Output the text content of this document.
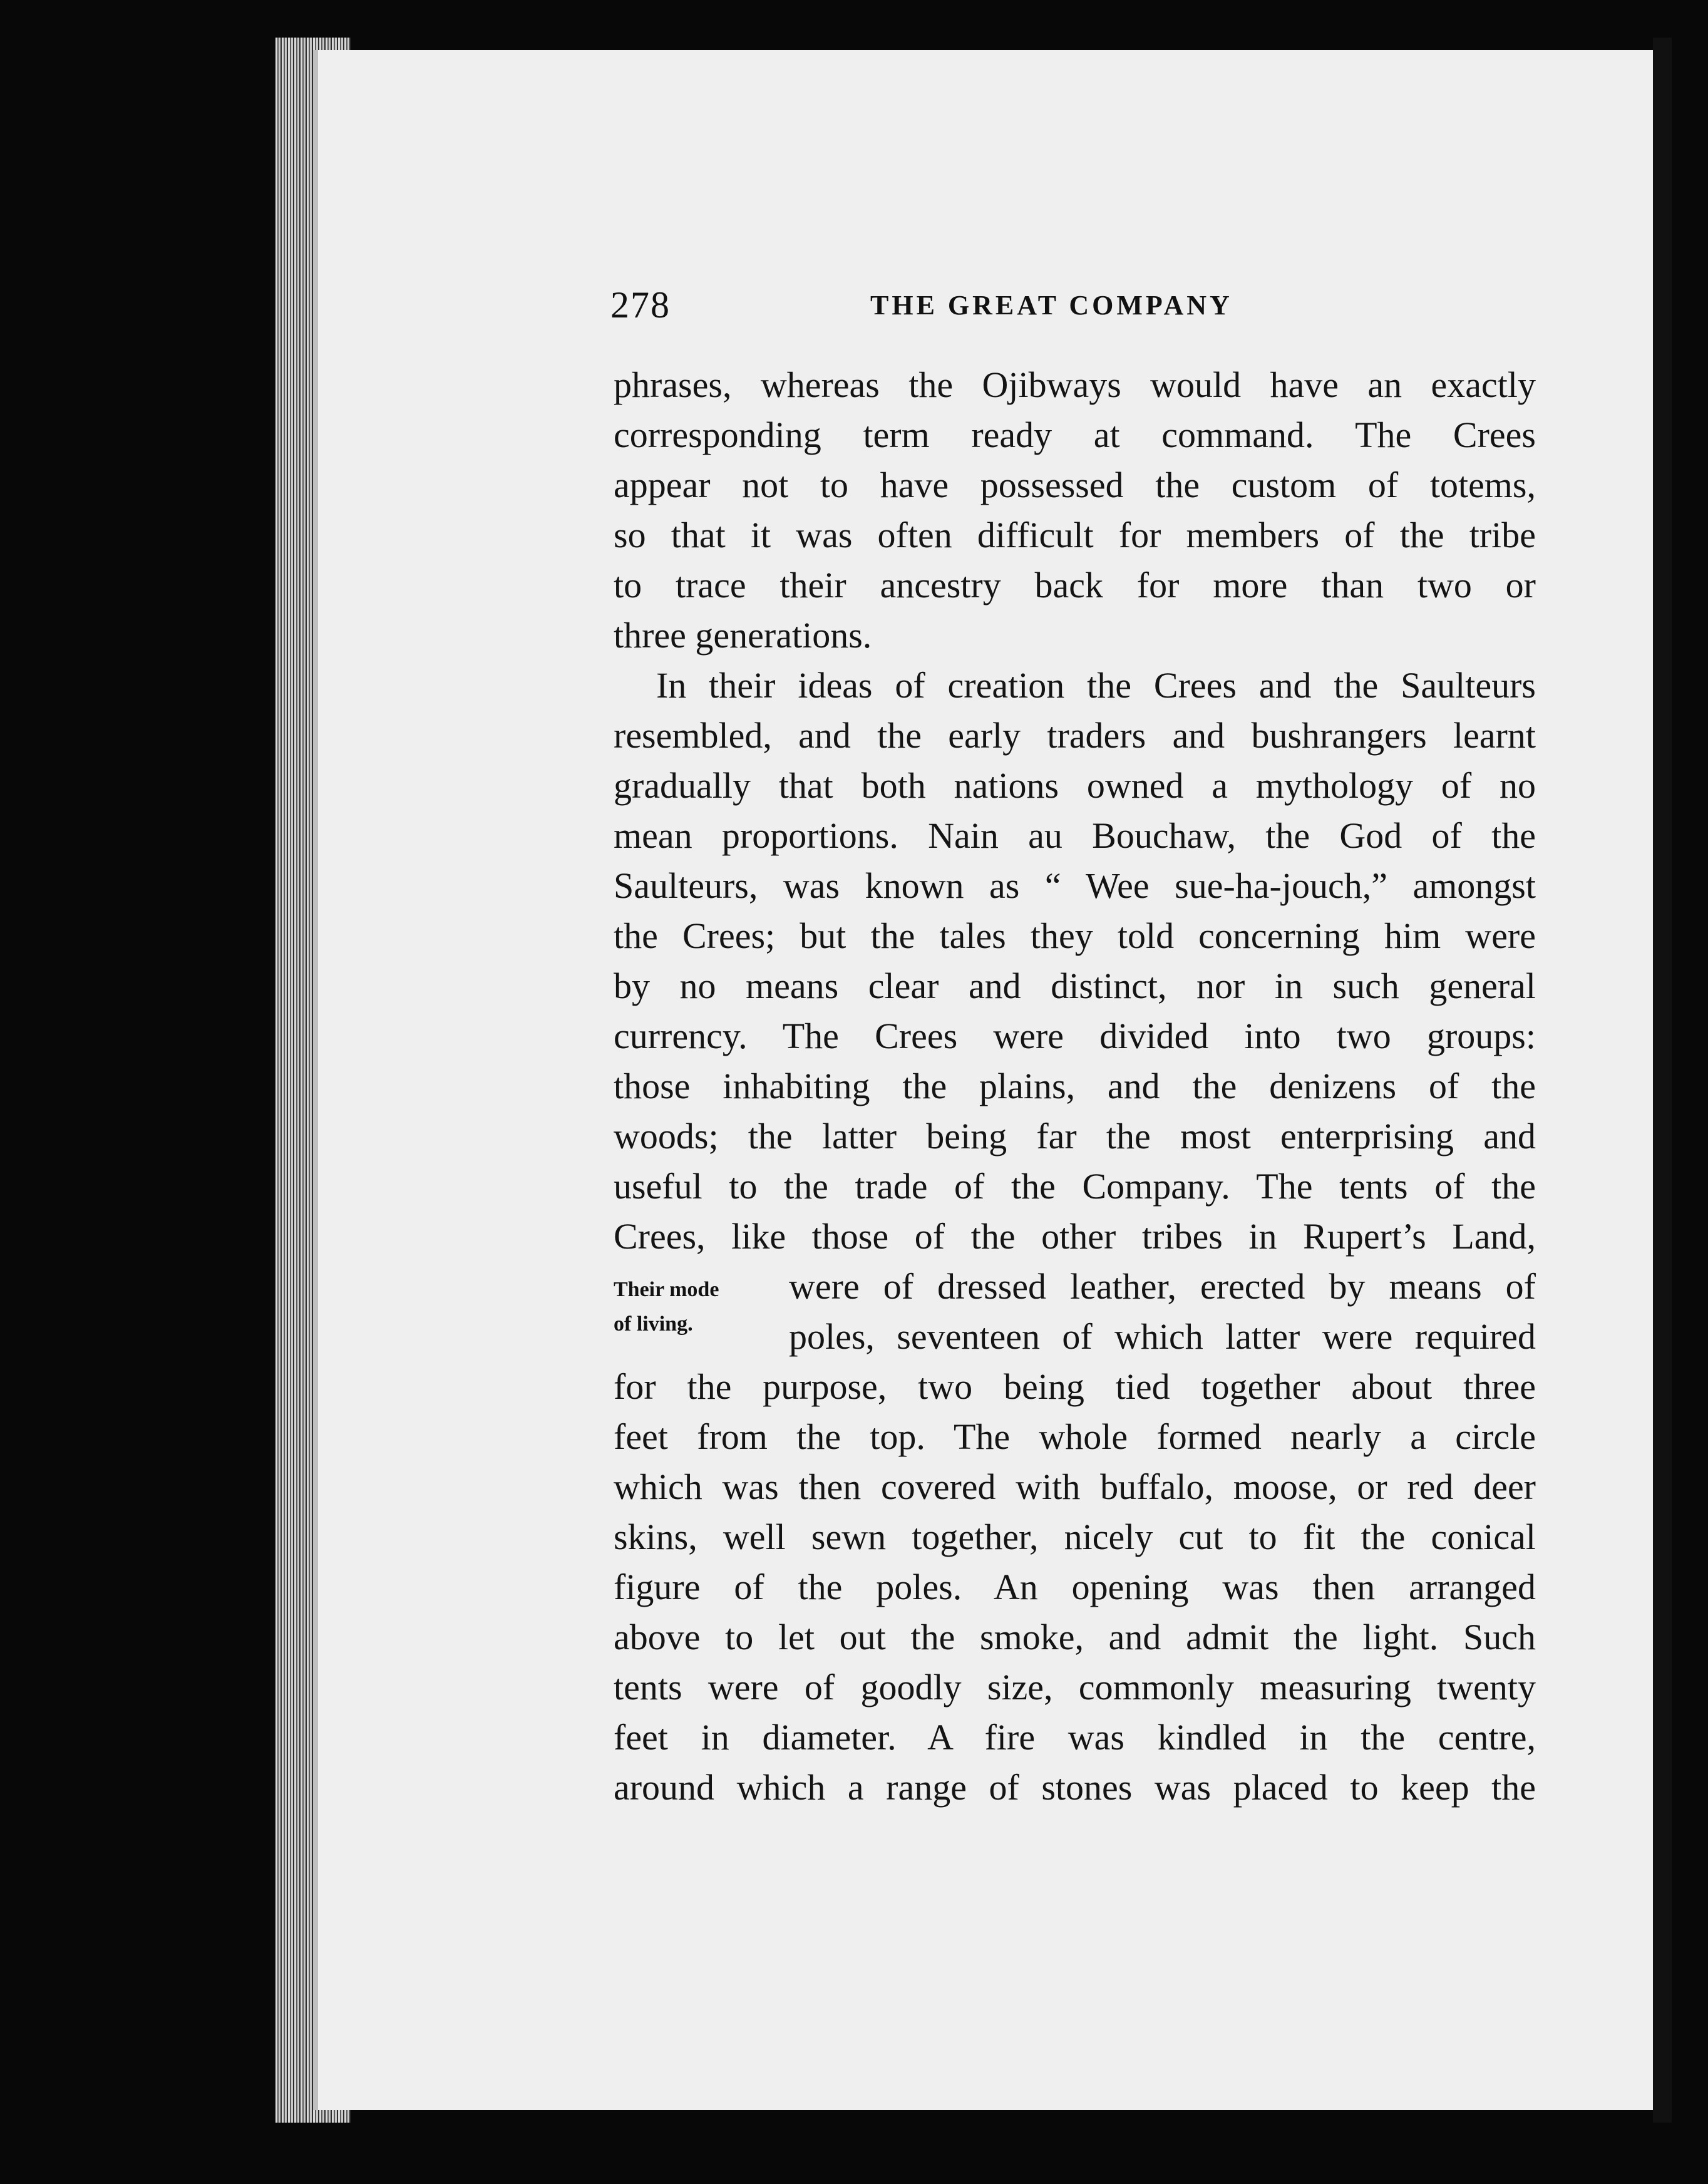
278	THE GREAT COMPANY
phrases, whereas the Ojibways would have an exactly
corresponding term ready at command. The Crees
appear not to have possessed the custom of totems,
so that it was often difficult for members of the tribe
to trace their ancestry back for more than two or
three generations.
In their ideas of creation the Crees and the Saulteurs
resembled, and the early traders and bushrangers learnt
gradually that both nations owned a mythology of no
mean proportions. Nain au Bouchaw, the God of the
Saulteurs, was known as “ Wee sue-ha-jouch,” amongst
the Crees; but the tales they told concerning him were
by no means clear and distinct, nor in such general
currency. The Crees were divided into two groups:
those inhabiting the plains, and the denizens of the
woods; the latter being far the most enterprising and
useful to the trade of the Company. The tents of the
Crees, like those of the other tribes in Rupert’s Land,
were of dressed leather, erected by means of
poles, seventeen of which latter were required
for the purpose, two being tied together about three
feet from the top. The whole formed nearly a circle
which was then covered with buffalo, moose, or red deer
skins, well sewn together, nicely cut to fit the conical
figure of the poles. An opening was then arranged
above to let out the smoke, and admit the light. Such
tents were of goodly size, commonly measuring twenty
feet in diameter. A fire was kindled in the centre,
around which a range of stones was placed to keep the
Their mode
of living.
